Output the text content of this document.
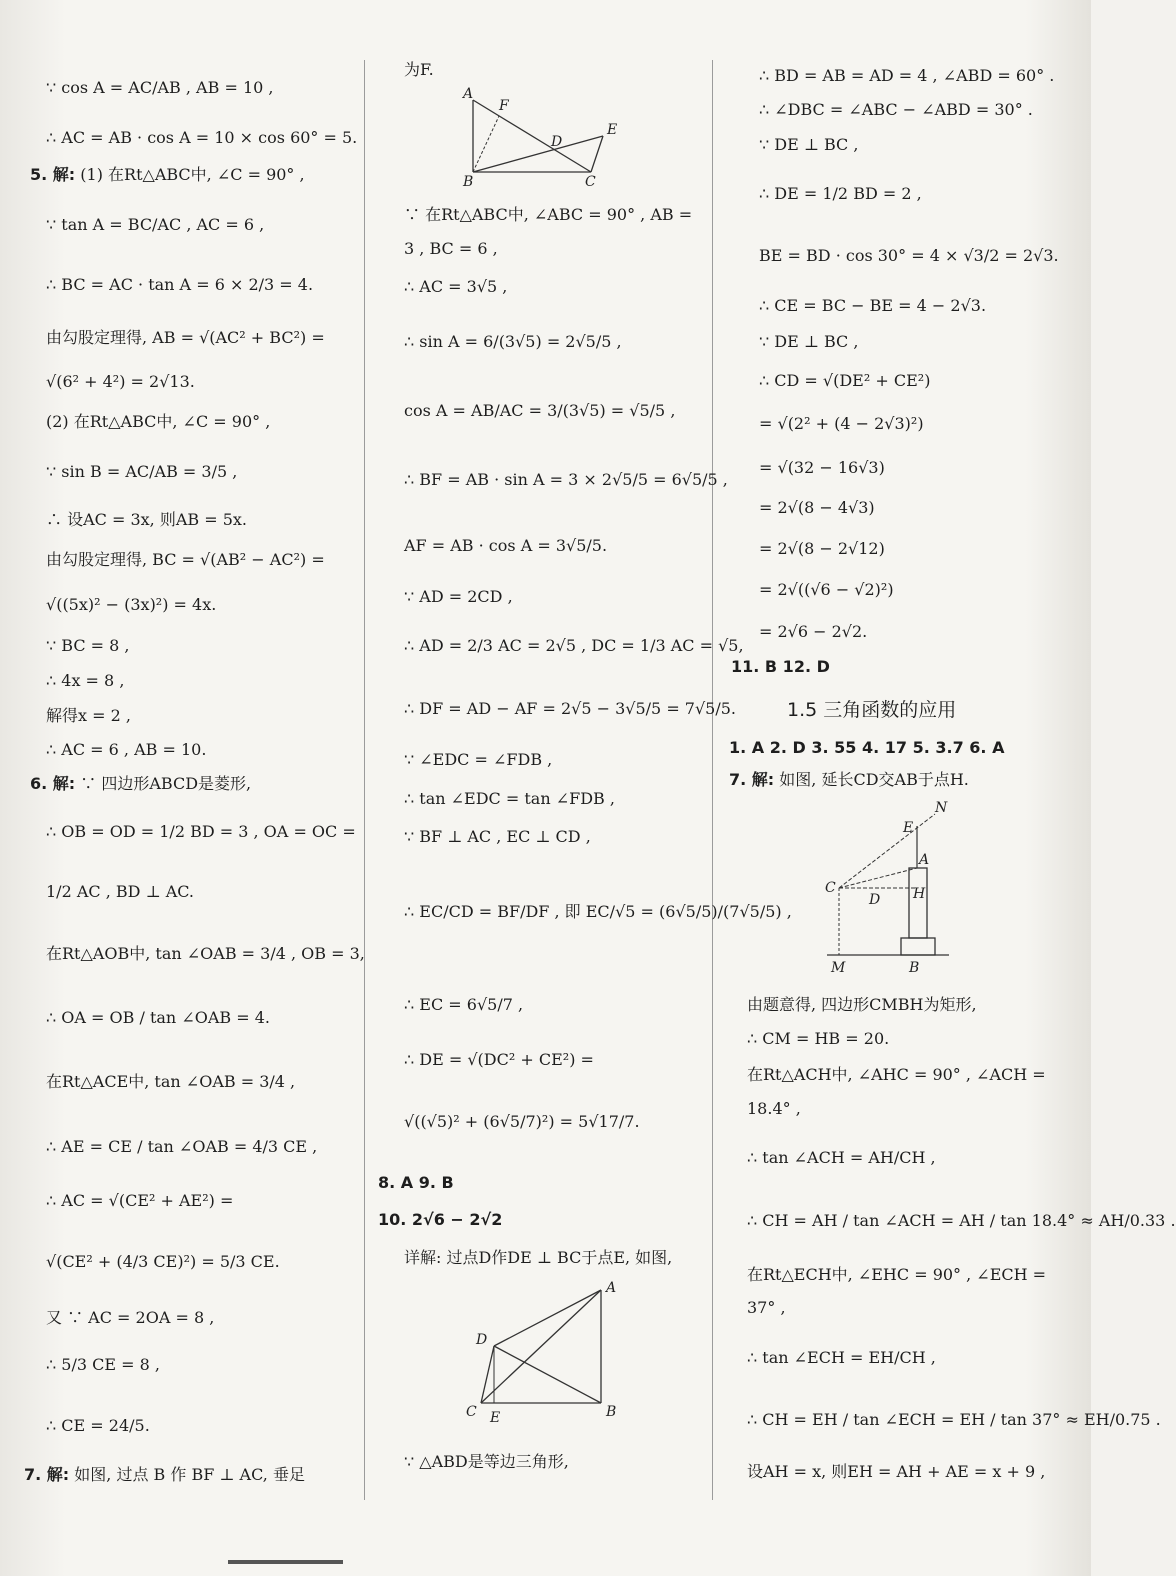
∵ cos A = AC/AB , AB = 10 ,
∴ AC = AB · cos A = 10 × cos 60° = 5.
5. 解: (1) 在Rt△ABC中, ∠C = 90° ,
∵ tan A = BC/AC , AC = 6 ,
∴ BC = AC · tan A = 6 × 2/3 = 4.
由勾股定理得, AB = √(AC² + BC²) =
√(6² + 4²) = 2√13.
(2) 在Rt△ABC中, ∠C = 90° ,
∵ sin B = AC/AB = 3/5 ,
∴ 设AC = 3x, 则AB = 5x.
由勾股定理得, BC = √(AB² − AC²) =
√((5x)² − (3x)²) = 4x.
∵ BC = 8 ,
∴ 4x = 8 ,
解得x = 2 ,
∴ AC = 6 , AB = 10.
6. 解: ∵ 四边形ABCD是菱形,
∴ OB = OD = 1/2 BD = 3 , OA = OC =
1/2 AC , BD ⊥ AC.
在Rt△AOB中, tan ∠OAB = 3/4 , OB = 3,
∴ OA = OB / tan ∠OAB = 4.
在Rt△ACE中, tan ∠OAB = 3/4 ,
∴ AE = CE / tan ∠OAB = 4/3 CE ,
∴ AC = √(CE² + AE²) =
√(CE² + (4/3 CE)²) = 5/3 CE.
又 ∵ AC = 2OA = 8 ,
∴ 5/3 CE = 8 ,
∴ CE = 24/5.
7. 解: 如图, 过点 B 作 BF ⊥ AC, 垂足
为F.
A
F
D
E
B	C
∵ 在Rt△ABC中, ∠ABC = 90° , AB =
3 , BC = 6 ,
∴ AC = 3√5 ,
∴ sin A = 6/(3√5) = 2√5/5 ,
cos A = AB/AC = 3/(3√5) = √5/5 ,
∴ BF = AB · sin A = 3 × 2√5/5 = 6√5/5 ,
AF = AB · cos A = 3√5/5.
∵ AD = 2CD ,
∴ AD = 2/3 AC = 2√5 , DC = 1/3 AC = √5,
∴ DF = AD − AF = 2√5 − 3√5/5 = 7√5/5.
∵ ∠EDC = ∠FDB ,
∴ tan ∠EDC = tan ∠FDB ,
∵ BF ⊥ AC , EC ⊥ CD ,
∴ EC/CD = BF/DF , 即 EC/√5 = (6√5/5)/(7√5/5) ,
∴ EC = 6√5/7 ,
∴ DE = √(DC² + CE²) =
√((√5)² + (6√5/7)²) = 5√17/7.
8. A 9. B
10. 2√6 − 2√2
详解: 过点D作DE ⊥ BC于点E, 如图,
A
D
C E	B
∵ △ABD是等边三角形,
∴ BD = AB = AD = 4 , ∠ABD = 60° .
∴ ∠DBC = ∠ABC − ∠ABD = 30° .
∵ DE ⊥ BC ,
∴ DE = 1/2 BD = 2 ,
BE = BD · cos 30° = 4 × √3/2 = 2√3.
∴ CE = BC − BE = 4 − 2√3.
∵ DE ⊥ BC ,
∴ CD = √(DE² + CE²)
= √(2² + (4 − 2√3)²)
= √(32 − 16√3)
= 2√(8 − 4√3)
= 2√(8 − 2√12)
= 2√((√6 − √2)²)
= 2√6 − 2√2.
11. B 12. D
1.5 三角函数的应用
1. A 2. D 3. 55 4. 17 5. 3.7 6. A
7. 解: 如图, 延长CD交AB于点H.
N
E
A
C
D H
M	B
由题意得, 四边形CMBH为矩形,
∴ CM = HB = 20.
在Rt△ACH中, ∠AHC = 90° , ∠ACH =
18.4° ,
∴ tan ∠ACH = AH/CH ,
∴ CH = AH / tan ∠ACH = AH / tan 18.4° ≈ AH/0.33 .
在Rt△ECH中, ∠EHC = 90° , ∠ECH =
37° ,
∴ tan ∠ECH = EH/CH ,
∴ CH = EH / tan ∠ECH = EH / tan 37° ≈ EH/0.75 .
设AH = x, 则EH = AH + AE = x + 9 ,
